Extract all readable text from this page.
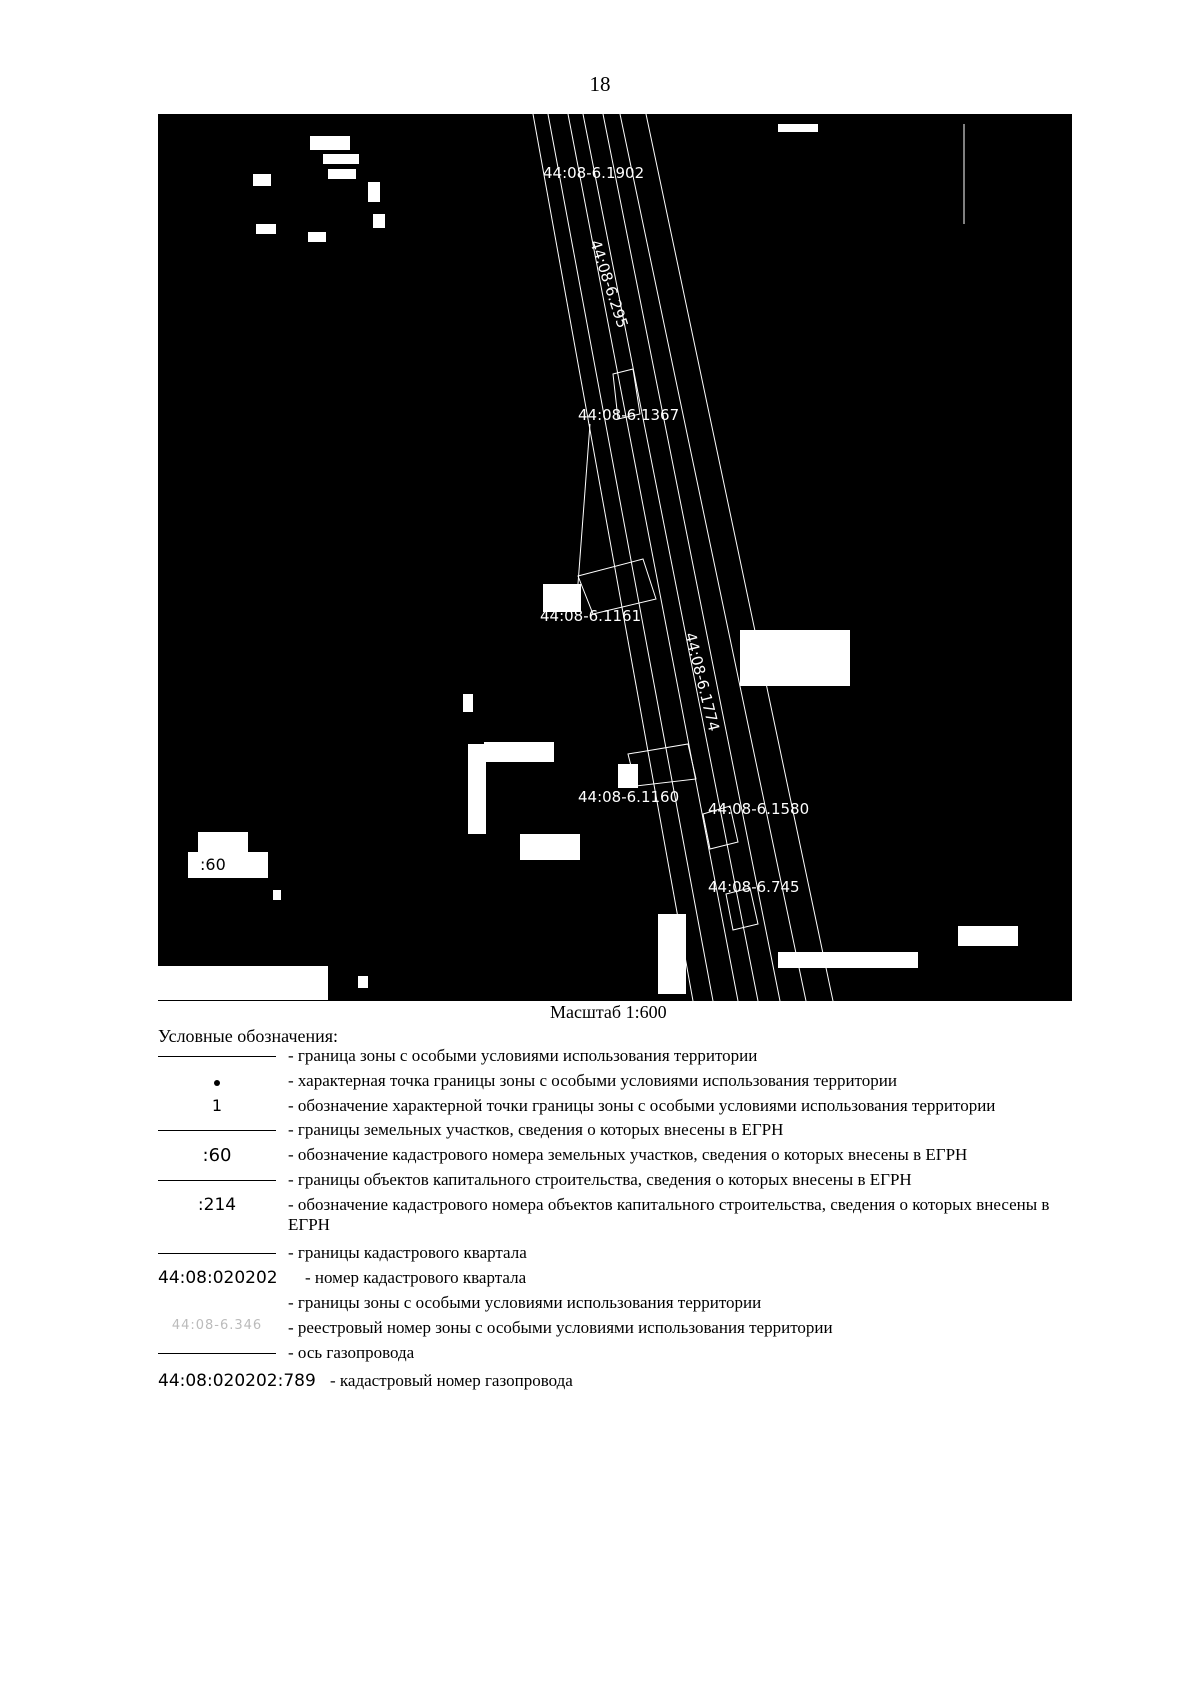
18
44:08-6.1902
44:08-6.295
44:08-6.1367
44:08-6.1161
44:08-6.1774
44:08-6.1160
44:08-6.1580
44:08-6.745
:60
Масштаб 1:600
Условные обозначения:
- граница зоны с особыми условиями использования территории
- характерная точка границы зоны с особыми условиями использования территории
1	- обозначение характерной точки границы зоны с особыми условиями использования территории
- границы земельных участков, сведения о которых внесены в ЕГРН
:60	- обозначение кадастрового номера земельных участков, сведения о которых внесены в ЕГРН
- границы объектов капитального строительства, сведения о которых внесены в ЕГРН
:214	- обозначение кадастрового номера объектов капитального строительства, сведения о которых внесены в ЕГРН
- границы кадастрового квартала
44:08:020202 - номер кадастрового квартала
- границы зоны с особыми условиями использования территории
44:08-6.346	- реестровый номер зоны с особыми условиями использования территории
- ось газопровода
44:08:020202:789 - кадастровый номер газопровода
